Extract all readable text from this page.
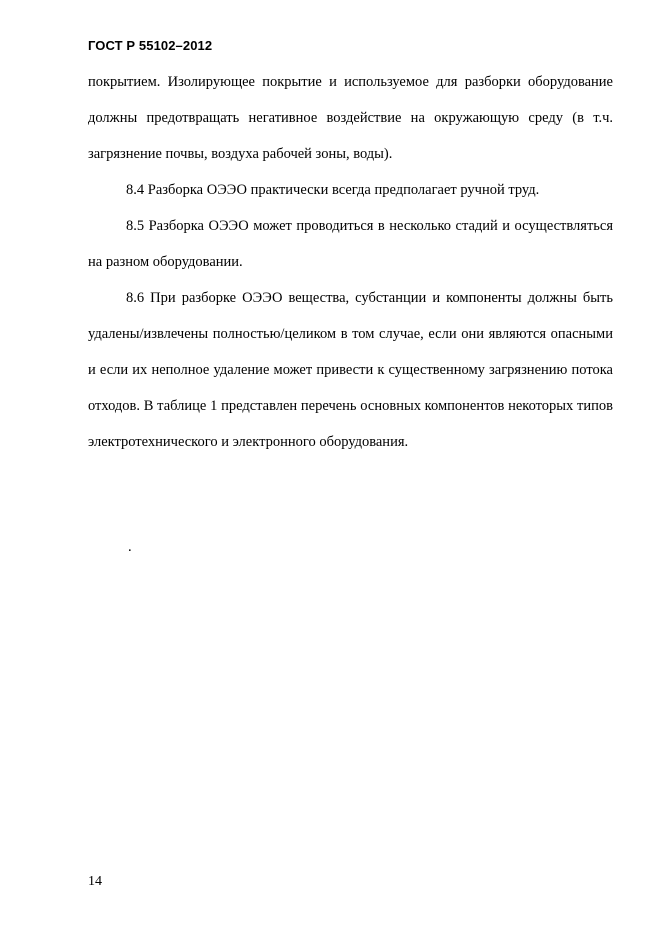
ГОСТ Р 55102–2012

покрытием. Изолирующее покрытие и используемое для разборки оборудование должны предотвращать негативное воздействие на окружающую среду (в т.ч. загрязнение почвы, воздуха рабочей зоны, воды).

8.4 Разборка ОЭЭО практически всегда предполагает ручной труд.

8.5 Разборка ОЭЭО может проводиться в несколько стадий и осуществляться на разном оборудовании.

8.6 При разборке ОЭЭО вещества, субстанции и компоненты должны быть удалены/извлечены полностью/целиком в том случае, если они являются опасными и если их неполное удаление может привести к существенному загрязнению потока отходов. В таблице 1 представлен перечень основных компонентов некоторых типов электротехнического и электронного оборудования.

.
14
